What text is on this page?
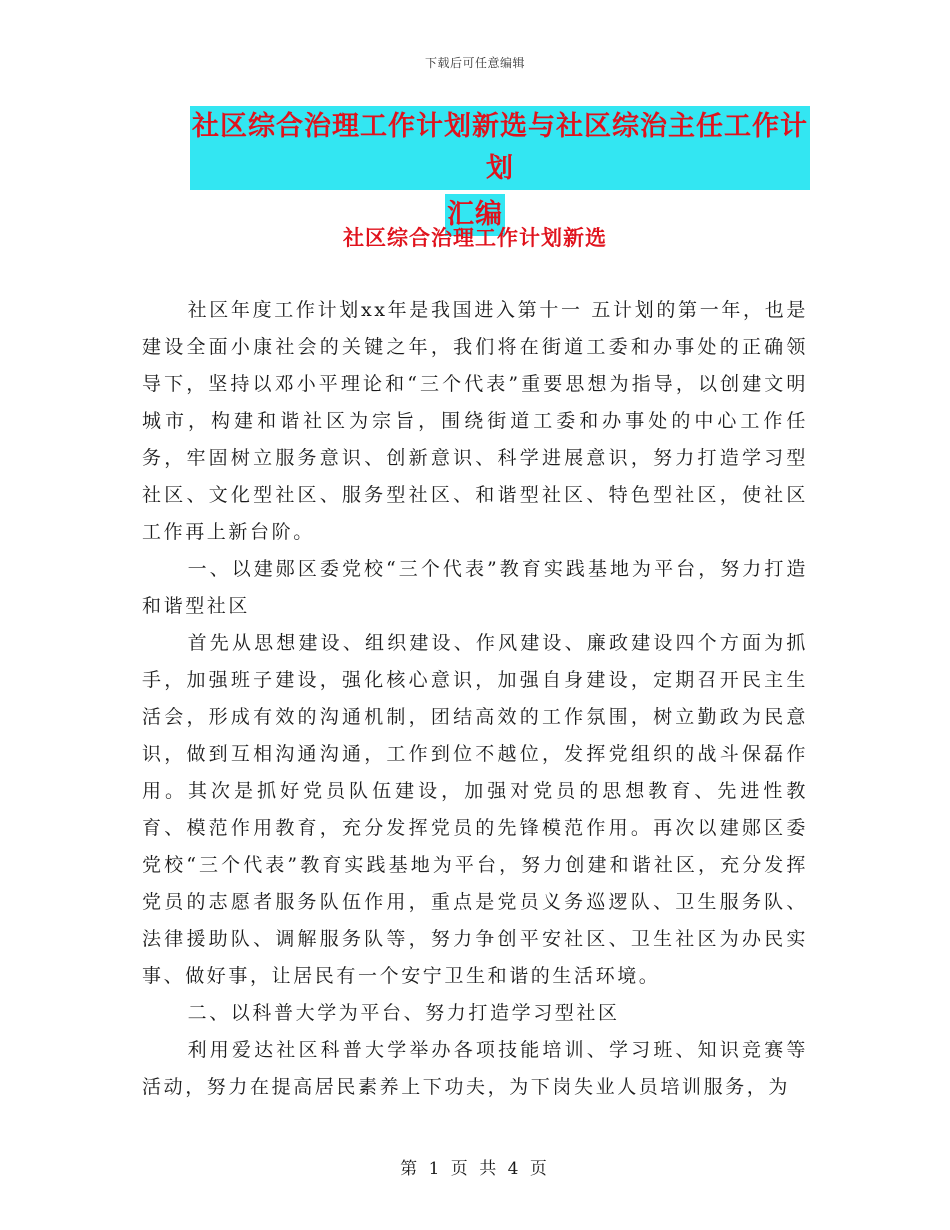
下载后可任意编辑
社区综合治理工作计划新选与社区综治主任工作计划
汇编
社区综合治理工作计划新选

社区年度工作计划xx年是我国进入第十一 五计划的第一年，也是建设全面小康社会的关键之年，我们将在街道工委和办事处的正确领导下，坚持以邓小平理论和“三个代表”重要思想为指导，以创建文明城市，构建和谐社区为宗旨，围绕街道工委和办事处的中心工作任务，牢固树立服务意识、创新意识、科学进展意识，努力打造学习型社区、文化型社区、服务型社区、和谐型社区、特色型社区，使社区工作再上新台阶。

一、以建郧区委党校“三个代表”教育实践基地为平台，努力打造和谐型社区

首先从思想建设、组织建设、作风建设、廉政建设四个方面为抓手，加强班子建设，强化核心意识，加强自身建设，定期召开民主生活会，形成有效的沟通机制，团结高效的工作氛围，树立勤政为民意识，做到互相沟通沟通，工作到位不越位，发挥党组织的战斗保磊作用。其次是抓好党员队伍建设，加强对党员的思想教育、先进性教育、模范作用教育，充分发挥党员的先锋模范作用。再次以建郧区委党校“三个代表”教育实践基地为平台，努力创建和谐社区，充分发挥党员的志愿者服务队伍作用，重点是党员义务巡逻队、卫生服务队、法律援助队、调解服务队等，努力争创平安社区、卫生社区为办民实事、做好事，让居民有一个安宁卫生和谐的生活环境。

二、以科普大学为平台、努力打造学习型社区

利用爱达社区科普大学举办各项技能培训、学习班、知识竞赛等活动，努力在提高居民素养上下功夫，为下岗失业人员培训服务，为

第 1 页 共 4 页
